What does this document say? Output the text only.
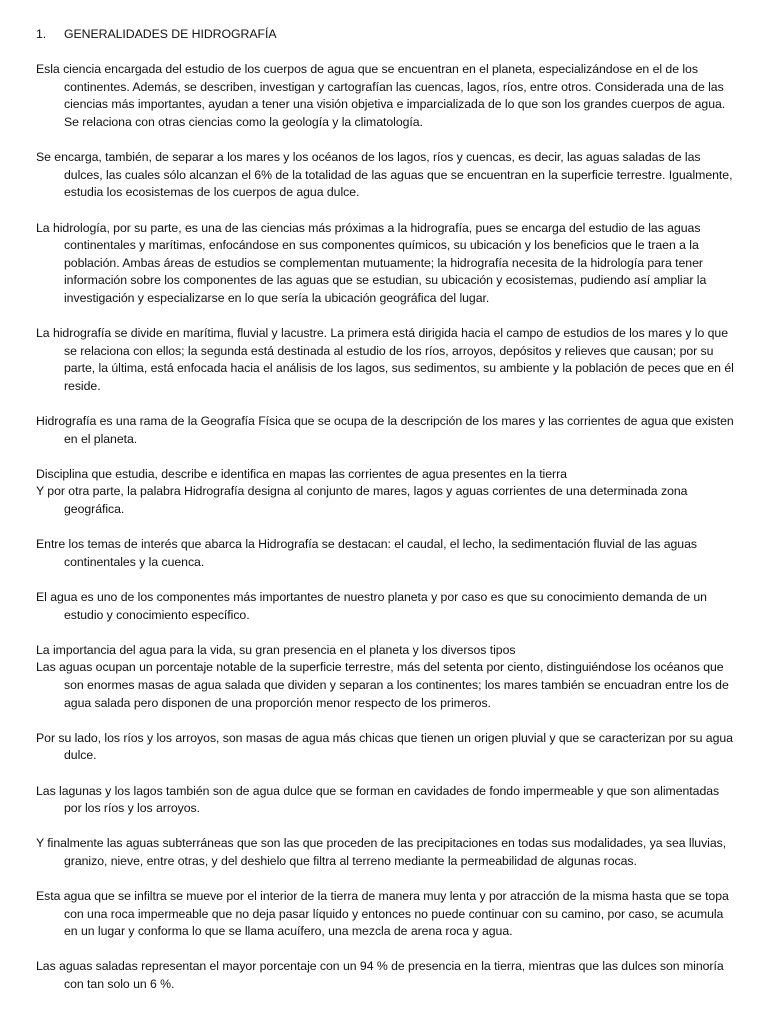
1. GENERALIDADES DE HIDROGRAFÍA

Esla ciencia encargada del estudio de los cuerpos de agua que se encuentran en el planeta, especializándose en el de los continentes. Además, se describen, investigan y cartografían las cuencas, lagos, ríos, entre otros. Considerada una de las ciencias más importantes, ayudan a tener una visión objetiva e imparcializada de lo que son los grandes cuerpos de agua. Se relaciona con otras ciencias como la geología y la climatología.

Se encarga, también, de separar a los mares y los océanos de los lagos, ríos y cuencas, es decir, las aguas saladas de las dulces, las cuales sólo alcanzan el 6% de la totalidad de las aguas que se encuentran en la superficie terrestre. Igualmente, estudia los ecosistemas de los cuerpos de agua dulce.

La hidrología, por su parte, es una de las ciencias más próximas a la hidrografía, pues se encarga del estudio de las aguas continentales y marítimas, enfocándose en sus componentes químicos, su ubicación y los beneficios que le traen a la población. Ambas áreas de estudios se complementan mutuamente; la hidrografía necesita de la hidrología para tener información sobre los componentes de las aguas que se estudian, su ubicación y ecosistemas, pudiendo así ampliar la investigación y especializarse en lo que sería la ubicación geográfica del lugar.

La hidrografía se divide en marítima, fluvial y lacustre. La primera está dirigida hacia el campo de estudios de los mares y lo que se relaciona con ellos; la segunda está destinada al estudio de los ríos, arroyos, depósitos y relieves que causan; por su parte, la última, está enfocada hacia el análisis de los lagos, sus sedimentos, su ambiente y la población de peces que en él reside.

Hidrografía es una rama de la Geografía Física que se ocupa de la descripción de los mares y las corrientes de agua que existen en el planeta.

Disciplina que estudia, describe e identifica en mapas las corrientes de agua presentes en la tierra

Y por otra parte, la palabra Hidrografía designa al conjunto de mares, lagos y aguas corrientes de una determinada zona geográfica.

Entre los temas de interés que abarca la Hidrografía se destacan: el caudal, el lecho, la sedimentación fluvial de las aguas continentales y la cuenca.

El agua es uno de los componentes más importantes de nuestro planeta y por caso es que su conocimiento demanda de un estudio y conocimiento específico.

La importancia del agua para la vida, su gran presencia en el planeta y los diversos tipos

Las aguas ocupan un porcentaje notable de la superficie terrestre, más del setenta por ciento, distinguiéndose los océanos que son enormes masas de agua salada que dividen y separan a los continentes; los mares también se encuadran entre los de agua salada pero disponen de una proporción menor respecto de los primeros.

Por su lado, los ríos y los arroyos, son masas de agua más chicas que tienen un origen pluvial y que se caracterizan por su agua dulce.

Las lagunas y los lagos también son de agua dulce que se forman en cavidades de fondo impermeable y que son alimentadas por los ríos y los arroyos.

Y finalmente las aguas subterráneas que son las que proceden de las precipitaciones en todas sus modalidades, ya sea lluvias, granizo, nieve, entre otras, y del deshielo que filtra al terreno mediante la permeabilidad de algunas rocas.

Esta agua que se infiltra se mueve por el interior de la tierra de manera muy lenta y por atracción de la misma hasta que se topa con una roca impermeable que no deja pasar líquido y entonces no puede continuar con su camino, por caso, se acumula en un lugar y conforma lo que se llama acuífero, una mezcla de arena roca y agua.

Las aguas saladas representan el mayor porcentaje con un 94 % de presencia en la tierra, mientras que las dulces son minoría con tan solo un 6 %.
